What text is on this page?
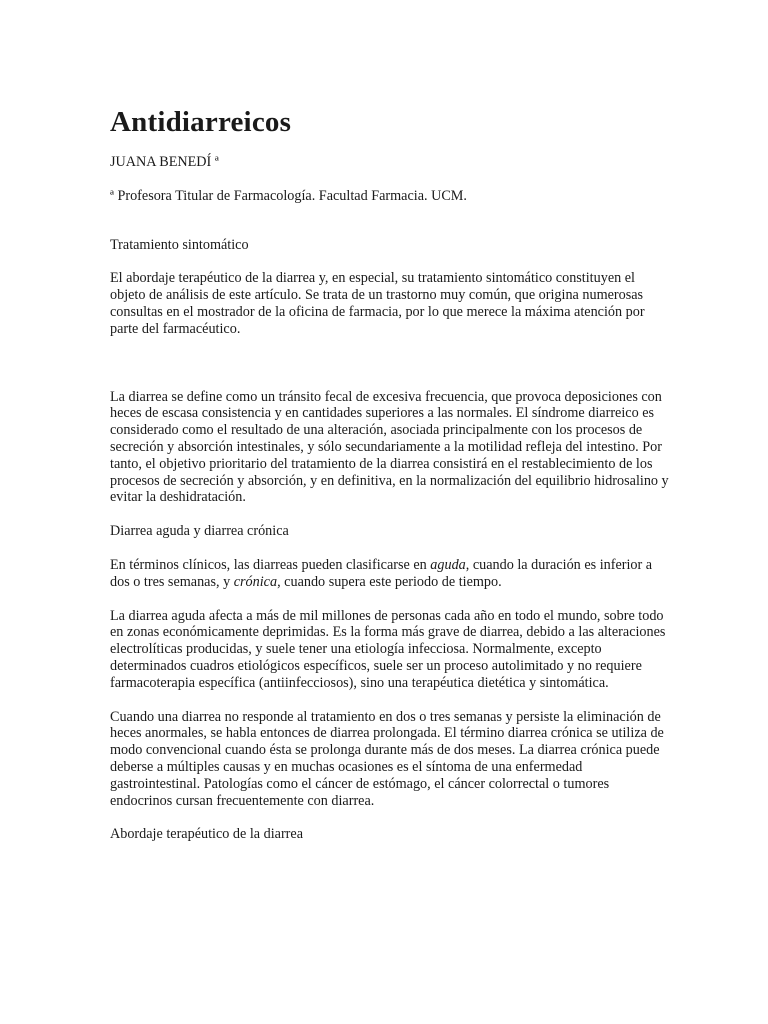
Antidiarreicos

JUANA BENEDÍ ª

ª Profesora Titular de Farmacología. Facultad Farmacia. UCM.

Tratamiento sintomático

El abordaje terapéutico de la diarrea y, en especial, su tratamiento sintomático constituyen el objeto de análisis de este artículo. Se trata de un trastorno muy común, que origina numerosas consultas en el mostrador de la oficina de farmacia, por lo que merece la máxima atención por parte del farmacéutico.

La diarrea se define como un tránsito fecal de excesiva frecuencia, que provoca deposiciones con heces de escasa consistencia y en cantidades superiores a las normales. El síndrome diarreico es considerado como el resultado de una alteración, asociada principalmente con los procesos de secreción y absorción intestinales, y sólo secundariamente a la motilidad refleja del intestino. Por tanto, el objetivo prioritario del tratamiento de la diarrea consistirá en el restablecimiento de los procesos de secreción y absorción, y en definitiva, en la normalización del equilibrio hidrosalino y evitar la deshidratación.

Diarrea aguda y diarrea crónica

En términos clínicos, las diarreas pueden clasificarse en aguda, cuando la duración es inferior a dos o tres semanas, y crónica, cuando supera este periodo de tiempo.

La diarrea aguda afecta a más de mil millones de personas cada año en todo el mundo, sobre todo en zonas económicamente deprimidas. Es la forma más grave de diarrea, debido a las alteraciones electrolíticas producidas, y suele tener una etiología infecciosa. Normalmente, excepto determinados cuadros etiológicos específicos, suele ser un proceso autolimitado y no requiere farmacoterapia específica (antiinfecciosos), sino una terapéutica dietética y sintomática.

Cuando una diarrea no responde al tratamiento en dos o tres semanas y persiste la eliminación de heces anormales, se habla entonces de diarrea prolongada. El término diarrea crónica se utiliza de modo convencional cuando ésta se prolonga durante más de dos meses. La diarrea crónica puede deberse a múltiples causas y en muchas ocasiones es el síntoma de una enfermedad gastrointestinal. Patologías como el cáncer de estómago, el cáncer colorrectal o tumores endocrinos cursan frecuentemente con diarrea.

Abordaje terapéutico de la diarrea
